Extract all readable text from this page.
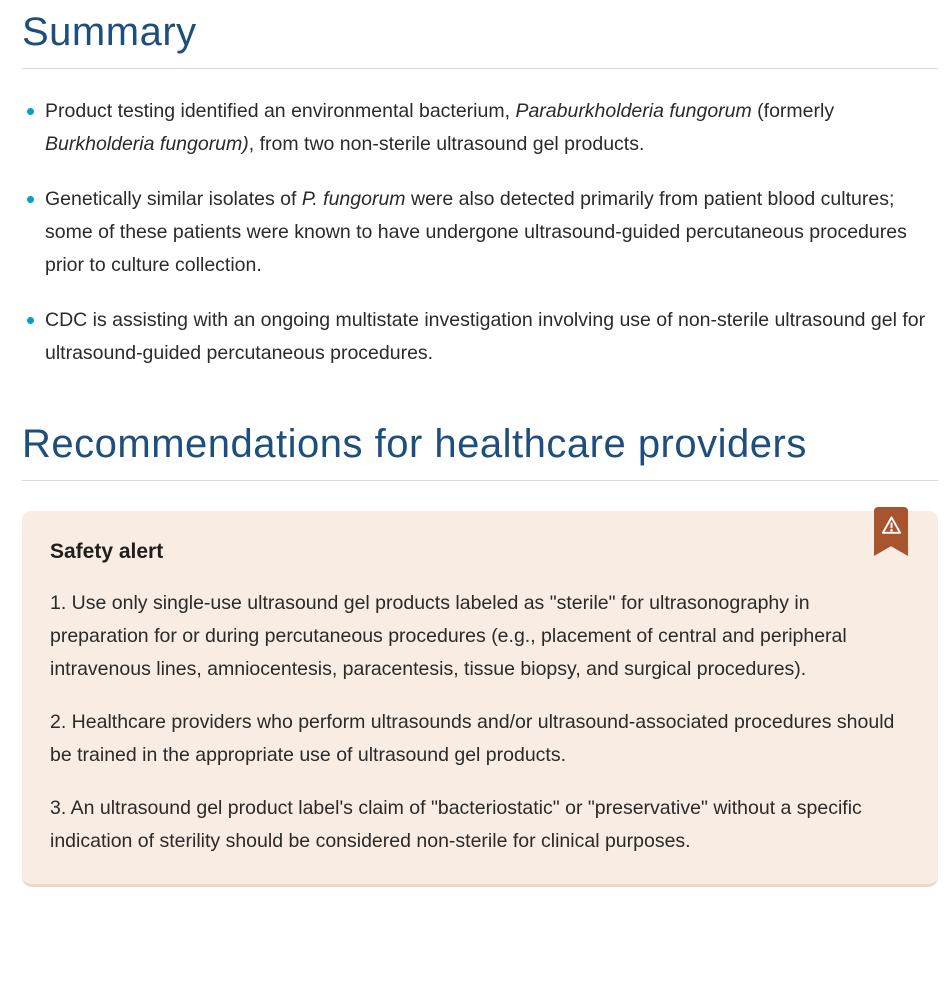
Summary
Product testing identified an environmental bacterium, Paraburkholderia fungorum (formerly Burkholderia fungorum), from two non-sterile ultrasound gel products.
Genetically similar isolates of P. fungorum were also detected primarily from patient blood cultures; some of these patients were known to have undergone ultrasound-guided percutaneous procedures prior to culture collection.
CDC is assisting with an ongoing multistate investigation involving use of non-sterile ultrasound gel for ultrasound-guided percutaneous procedures.
Recommendations for healthcare providers
Safety alert

1. Use only single-use ultrasound gel products labeled as "sterile" for ultrasonography in preparation for or during percutaneous procedures (e.g., placement of central and peripheral intravenous lines, amniocentesis, paracentesis, tissue biopsy, and surgical procedures).

2. Healthcare providers who perform ultrasounds and/or ultrasound-associated procedures should be trained in the appropriate use of ultrasound gel products.

3. An ultrasound gel product label's claim of "bacteriostatic" or "preservative" without a specific indication of sterility should be considered non-sterile for clinical purposes.
